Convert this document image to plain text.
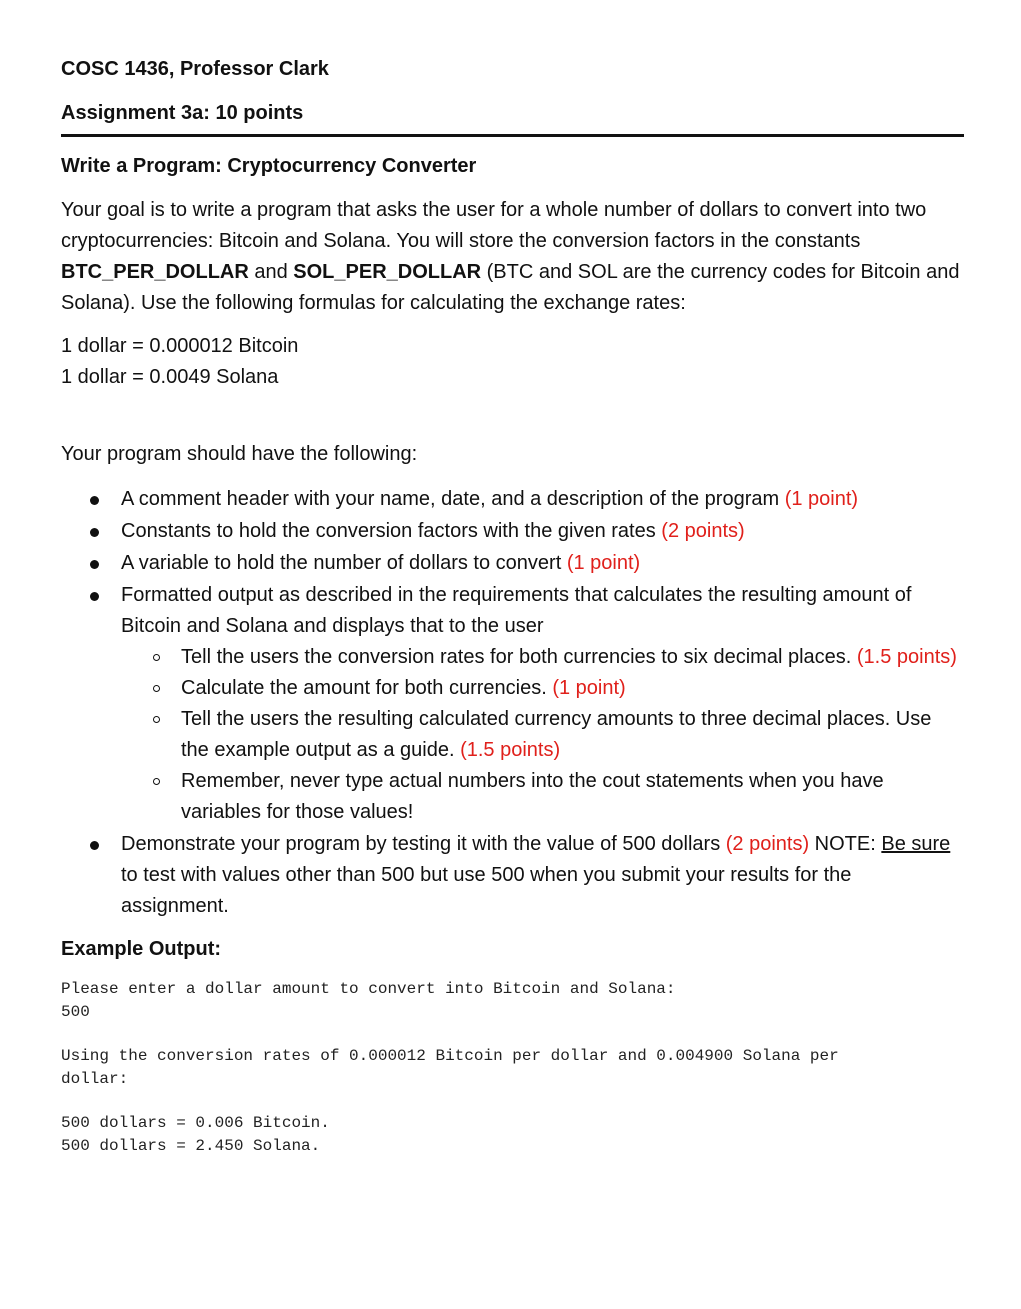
COSC 1436, Professor Clark
Assignment 3a: 10 points
Write a Program: Cryptocurrency Converter
Your goal is to write a program that asks the user for a whole number of dollars to convert into two cryptocurrencies: Bitcoin and Solana. You will store the conversion factors in the constants BTC_PER_DOLLAR and SOL_PER_DOLLAR (BTC and SOL are the currency codes for Bitcoin and Solana). Use the following formulas for calculating the exchange rates:
1 dollar = 0.000012 Bitcoin
1 dollar = 0.0049 Solana
Your program should have the following:
A comment header with your name, date, and a description of the program (1 point)
Constants to hold the conversion factors with the given rates (2 points)
A variable to hold the number of dollars to convert (1 point)
Formatted output as described in the requirements that calculates the resulting amount of Bitcoin and Solana and displays that to the user
Tell the users the conversion rates for both currencies to six decimal places. (1.5 points)
Calculate the amount for both currencies. (1 point)
Tell the users the resulting calculated currency amounts to three decimal places. Use the example output as a guide. (1.5 points)
Remember, never type actual numbers into the cout statements when you have variables for those values!
Demonstrate your program by testing it with the value of 500 dollars (2 points) NOTE: Be sure to test with values other than 500 but use 500 when you submit your results for the assignment.
Example Output:
Please enter a dollar amount to convert into Bitcoin and Solana:
500
Using the conversion rates of 0.000012 Bitcoin per dollar and 0.004900 Solana per
dollar:
500 dollars = 0.006 Bitcoin.
500 dollars = 2.450 Solana.
